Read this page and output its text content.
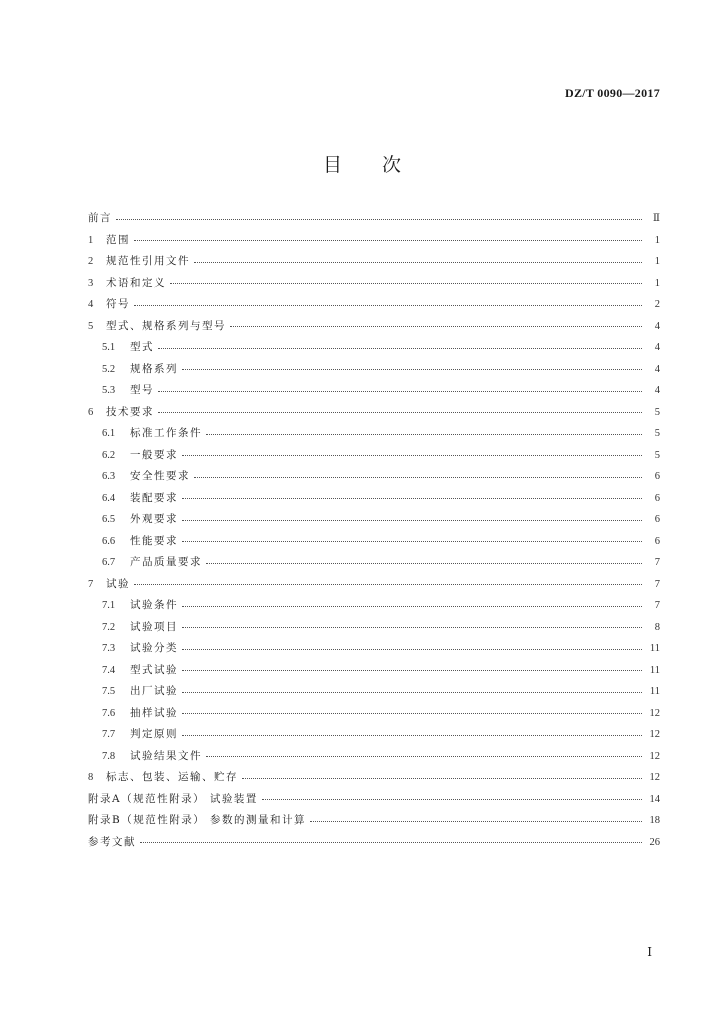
DZ/T 0090—2017
目次
前言	Ⅱ
1	范围	1
2	规范性引用文件	1
3	术语和定义	1
4	符号	2
5	型式、规格系列与型号	4
5.1	型式	4
5.2	规格系列	4
5.3	型号	4
6	技术要求	5
6.1	标准工作条件	5
6.2	一般要求	5
6.3	安全性要求	6
6.4	装配要求	6
6.5	外观要求	6
6.6	性能要求	6
6.7	产品质量要求	7
7	试验	7
7.1	试验条件	7
7.2	试验项目	8
7.3	试验分类	11
7.4	型式试验	11
7.5	出厂试验	11
7.6	抽样试验	12
7.7	判定原则	12
7.8	试验结果文件	12
8	标志、包装、运输、贮存	12
附录A（规范性附录） 试验装置	14
附录B（规范性附录） 参数的测量和计算	18
参考文献	26
Ⅰ
